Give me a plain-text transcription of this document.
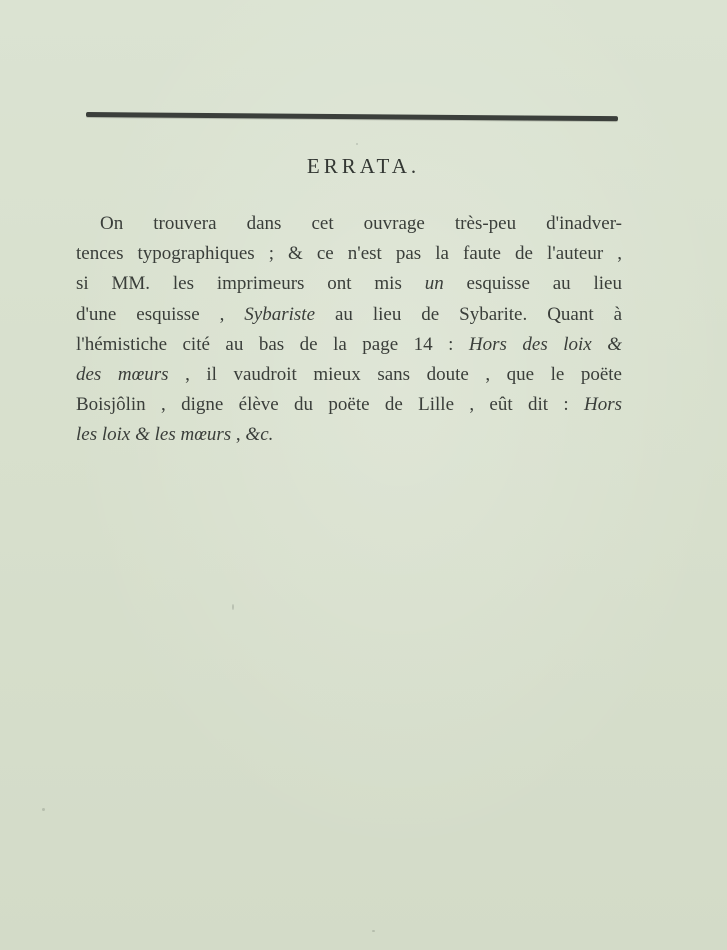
ERRATA.
On trouvera dans cet ouvrage très-peu d'inadver-
tences typographiques ; & ce n'est pas la faute de l'auteur ,
si MM. les imprimeurs ont mis un esquisse au lieu
d'une esquisse , Sybariste au lieu de Sybarite. Quant à
l'hémistiche cité au bas de la page 14 : Hors des loix &
des mœurs , il vaudroit mieux sans doute , que le poëte
Boisjôlin , digne élève du poëte de Lille , eût dit : Hors
les loix & les mœurs , &c.
